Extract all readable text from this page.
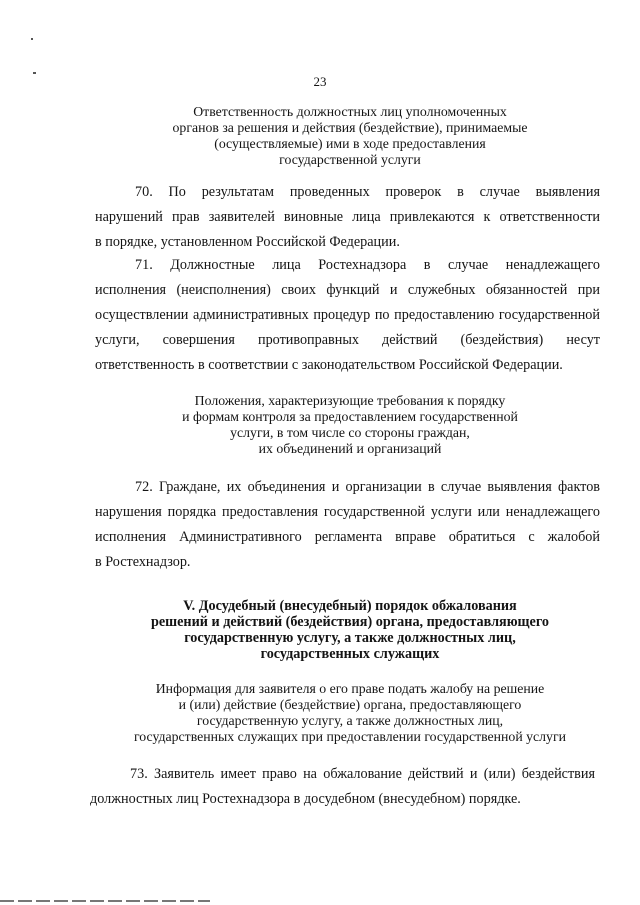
23
Ответственность должностных лиц уполномоченных
органов за решения и действия (бездействие), принимаемые
(осуществляемые) ими в ходе предоставления
государственной услуги
70. По результатам проведенных проверок в случае выявления
нарушений прав заявителей виновные лица привлекаются к ответственности
в порядке, установленном Российской Федерации.
71. Должностные лица Ростехнадзора в случае ненадлежащего
исполнения (неисполнения) своих функций и служебных обязанностей при
осуществлении административных процедур по предоставлению государственной
услуги, совершения противоправных действий (бездействия) несут
ответственность в соответствии с законодательством Российской Федерации.
Положения, характеризующие требования к порядку
и формам контроля за предоставлением государственной
услуги, в том числе со стороны граждан,
их объединений и организаций
72. Граждане, их объединения и организации в случае выявления фактов
нарушения порядка предоставления государственной услуги или ненадлежащего
исполнения Административного регламента вправе обратиться с жалобой
в Ростехнадзор.
V. Досудебный (внесудебный) порядок обжалования
решений и действий (бездействия) органа, предоставляющего
государственную услугу, а также должностных лиц,
государственных служащих
Информация для заявителя о его праве подать жалобу на решение
и (или) действие (бездействие) органа, предоставляющего
государственную услугу, а также должностных лиц,
государственных служащих при предоставлении государственной услуги
73. Заявитель имеет право на обжалование действий и (или) бездействия
должностных лиц Ростехнадзора в досудебном (внесудебном) порядке.
